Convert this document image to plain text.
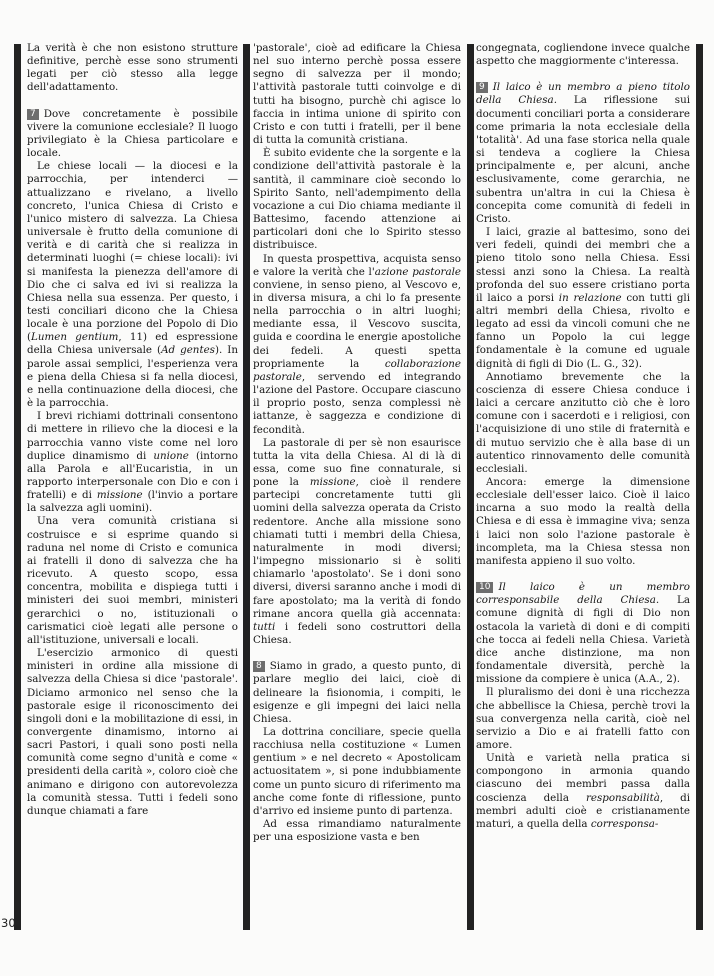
La verità è che non esistono strutture definitive, perchè esse sono strumenti legati per ciò stesso alla legge dell'adattamento.

7 Dove concretamente è possibile vivere la comunione ecclesiale? Il luogo privilegiato è la Chiesa particolare e locale.

Le chiese locali — la diocesi e la parrocchia, per intenderci — attualizzano e rivelano, a livello concreto, l'unica Chiesa di Cristo e l'unico mistero di salvezza. La Chiesa universale è frutto della comunione di verità e di carità che si realizza in determinati luoghi (= chiese locali): ivi si manifesta la pienezza dell'amore di Dio che ci salva ed ivi si realizza la Chiesa nella sua essenza. Per questo, i testi conciliari dicono che la Chiesa locale è una porzione del Popolo di Dio (Lumen gentium, 11) ed espressione della Chiesa universale (Ad gentes). In parole assai semplici, l'esperienza vera e piena della Chiesa si fa nella diocesi, e nella continuazione della diocesi, che è la parrocchia.

I brevi richiami dottrinali consentono di mettere in rilievo che la diocesi e la parrocchia vanno viste come nel loro duplice dinamismo di unione (intorno alla Parola e all'Eucaristia, in un rapporto interpersonale con Dio e con i fratelli) e di missione (l'invio a portare la salvezza agli uomini).

Una vera comunità cristiana si costruisce e si esprime quando si raduna nel nome di Cristo e comunica ai fratelli il dono di salvezza che ha ricevuto. A questo scopo, essa concentra, mobilita e dispiega tutti i ministeri dei suoi membri, ministeri gerarchici o no, istituzionali o carismatici cioè legati alle persone o all'istituzione, universali e locali.

L'esercizio armonico di questi ministeri in ordine alla missione di salvezza della Chiesa si dice 'pastorale'. Diciamo armonico nel senso che la pastorale esige il riconoscimento dei singoli doni e la mobilitazione di essi, in convergente dinamismo, intorno ai sacri Pastori, i quali sono posti nella comunità come segno d'unità e come « presidenti della carità », coloro cioè che animano e dirigono con autorevolezza la comunità stessa. Tutti i fedeli sono dunque chiamati a fare

'pastorale', cioè ad edificare la Chiesa nel suo interno perchè possa essere segno di salvezza per il mondo; l'attività pastorale tutti coinvolge e di tutti ha bisogno, purchè chi agisce lo faccia in intima unione di spirito con Cristo e con tutti i fratelli, per il bene di tutta la comunità cristiana.

È subito evidente che la sorgente e la condizione dell'attività pastorale è la santità, il camminare cioè secondo lo Spirito Santo, nell'adempimento della vocazione a cui Dio chiama mediante il Battesimo, facendo attenzione ai particolari doni che lo Spirito stesso distribuisce.

In questa prospettiva, acquista senso e valore la verità che l'azione pastorale conviene, in senso pieno, al Vescovo e, in diversa misura, a chi lo fa presente nella parrocchia o in altri luoghi; mediante essa, il Vescovo suscita, guida e coordina le energie apostoliche dei fedeli. A questi spetta propriamente la collaborazione pastorale, servendo ed integrando l'azione del Pastore. Occupare ciascuno il proprio posto, senza complessi nè iattanze, è saggezza e condizione di fecondità.

La pastorale di per sè non esaurisce tutta la vita della Chiesa. Al di là di essa, come suo fine connaturale, si pone la missione, cioè il rendere partecipi concretamente tutti gli uomini della salvezza operata da Cristo redentore. Anche alla missione sono chiamati tutti i membri della Chiesa, naturalmente in modi diversi; l'impegno missionario si è soliti chiamarlo 'apostolato'. Se i doni sono diversi, diversi saranno anche i modi di fare apostolato; ma la verità di fondo rimane ancora quella già accennata: tutti i fedeli sono costruttori della Chiesa.

8 Siamo in grado, a questo punto, di parlare meglio dei laici, cioè di delineare la fisionomia, i compiti, le esigenze e gli impegni dei laici nella Chiesa.

La dottrina conciliare, specie quella racchiusa nella costituzione « Lumen gentium » e nel decreto « Apostolicam actuositatem », si pone indubbiamente come un punto sicuro di riferimento ma anche come fonte di riflessione, punto d'arrivo ed insieme punto di partenza.

Ad essa rimandiamo naturalmente per una esposizione vasta e ben

congegnata, cogliendone invece qualche aspetto che maggiormente c'interessa.

9 Il laico è un membro a pieno titolo della Chiesa. La riflessione sui documenti conciliari porta a considerare come primaria la nota ecclesiale della 'totalità'. Ad una fase storica nella quale si tendeva a cogliere la Chiesa principalmente e, per alcuni, anche esclusivamente, come gerarchia, ne subentra un'altra in cui la Chiesa è concepita come comunità di fedeli in Cristo.

I laici, grazie al battesimo, sono dei veri fedeli, quindi dei membri che a pieno titolo sono nella Chiesa. Essi stessi anzi sono la Chiesa. La realtà profonda del suo essere cristiano porta il laico a porsi in relazione con tutti gli altri membri della Chiesa, rivolto e legato ad essi da vincoli comuni che ne fanno un Popolo la cui legge fondamentale è la comune ed uguale dignità di figli di Dio (L. G., 32).

Annotiamo brevemente che la coscienza di essere Chiesa conduce i laici a cercare anzitutto ciò che è loro comune con i sacerdoti e i religiosi, con l'acquisizione di uno stile di fraternità e di mutuo servizio che è alla base di un autentico rinnovamento delle comunità ecclesiali.

Ancora: emerge la dimensione ecclesiale dell'esser laico. Cioè il laico incarna a suo modo la realtà della Chiesa e di essa è immagine viva; senza i laici non solo l'azione pastorale è incompleta, ma la Chiesa stessa non manifesta appieno il suo volto.

10 Il laico è un membro corresponsabile della Chiesa. La comune dignità di figli di Dio non ostacola la varietà di doni e di compiti che tocca ai fedeli nella Chiesa. Varietà dice anche distinzione, ma non fondamentale diversità, perchè la missione da compiere è unica (A.A., 2).

Il pluralismo dei doni è una ricchezza che abbellisce la Chiesa, perchè trovi la sua convergenza nella carità, cioè nel servizio a Dio e ai fratelli fatto con amore.

Unità e varietà nella pratica si compongono in armonia quando ciascuno dei membri passa dalla coscienza della responsabilità, di membri adulti cioè e cristianamente maturi, a quella della corresponsa-

30
